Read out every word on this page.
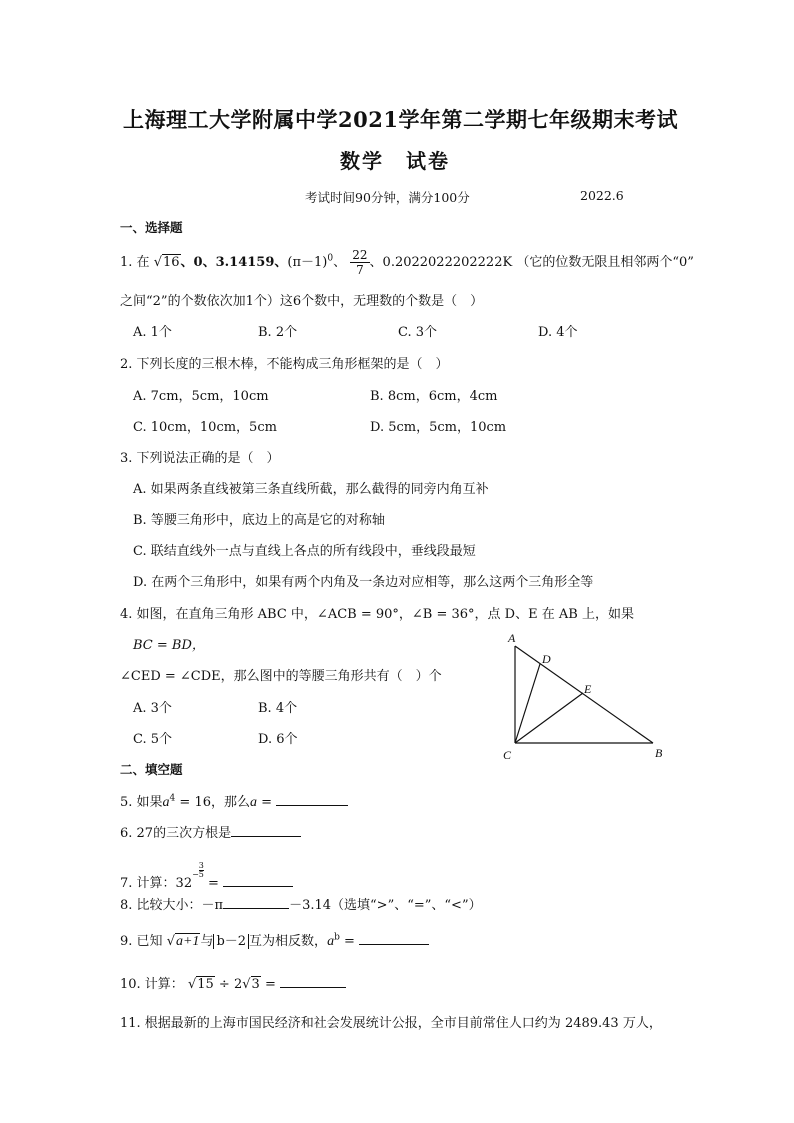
上海理工大学附属中学2021学年第二学期七年级期末考试
数学　试卷
考试时间90分钟，满分100分	2022.6
一、选择题
1. 在 √16、0、3.14159、$(\pi-1)^0$、 $\frac{22}{7}$ 、0.2022022202222K （它的位数无限且相邻两个“0”
之间“2”的个数依次加1个）这6个数中，无理数的个数是（　）
A. 1个	B. 2个	C. 3个	D. 4个
2. 下列长度的三根木棒，不能构成三角形框架的是（　）
A. 7cm，5cm，10cm	B. 8cm，6cm，4cm
C. 10cm，10cm，5cm	D. 5cm，5cm，10cm
3. 下列说法正确的是（　）
A. 如果两条直线被第三条直线所截，那么截得的同旁内角互补
B. 等腰三角形中，底边上的高是它的对称轴
C. 联结直线外一点与直线上各点的所有线段中，垂线段最短
D. 在两个三角形中，如果有两个内角及一条边对应相等，那么这两个三角形全等
4. 如图，在直角三角形 ABC 中，∠ACB = 90°，∠B = 36°，点 D、E 在 AB 上，如果
BC = BD，
∠CED = ∠CDE，那么图中的等腰三角形共有（　）个
A. 3个	B. 4个
C. 5个	D. 6个
A
D
E
C	B
二、填空题
5. 如果$a^4 = 16$，那么a =
6. 27的三次方根是
7. 计算：$32- \frac{3}{5}$
=
8. 比较大小：－π	－3.14（选填“>”、“=”、“<”）
9. 已知 √a+1与 b－2 互为相反数，$a^b$ =
10. 计算： √15 ÷ 2√3 =
11. 根据最新的上海市国民经济和社会发展统计公报，全市目前常住人口约为 2489.43 万人，
